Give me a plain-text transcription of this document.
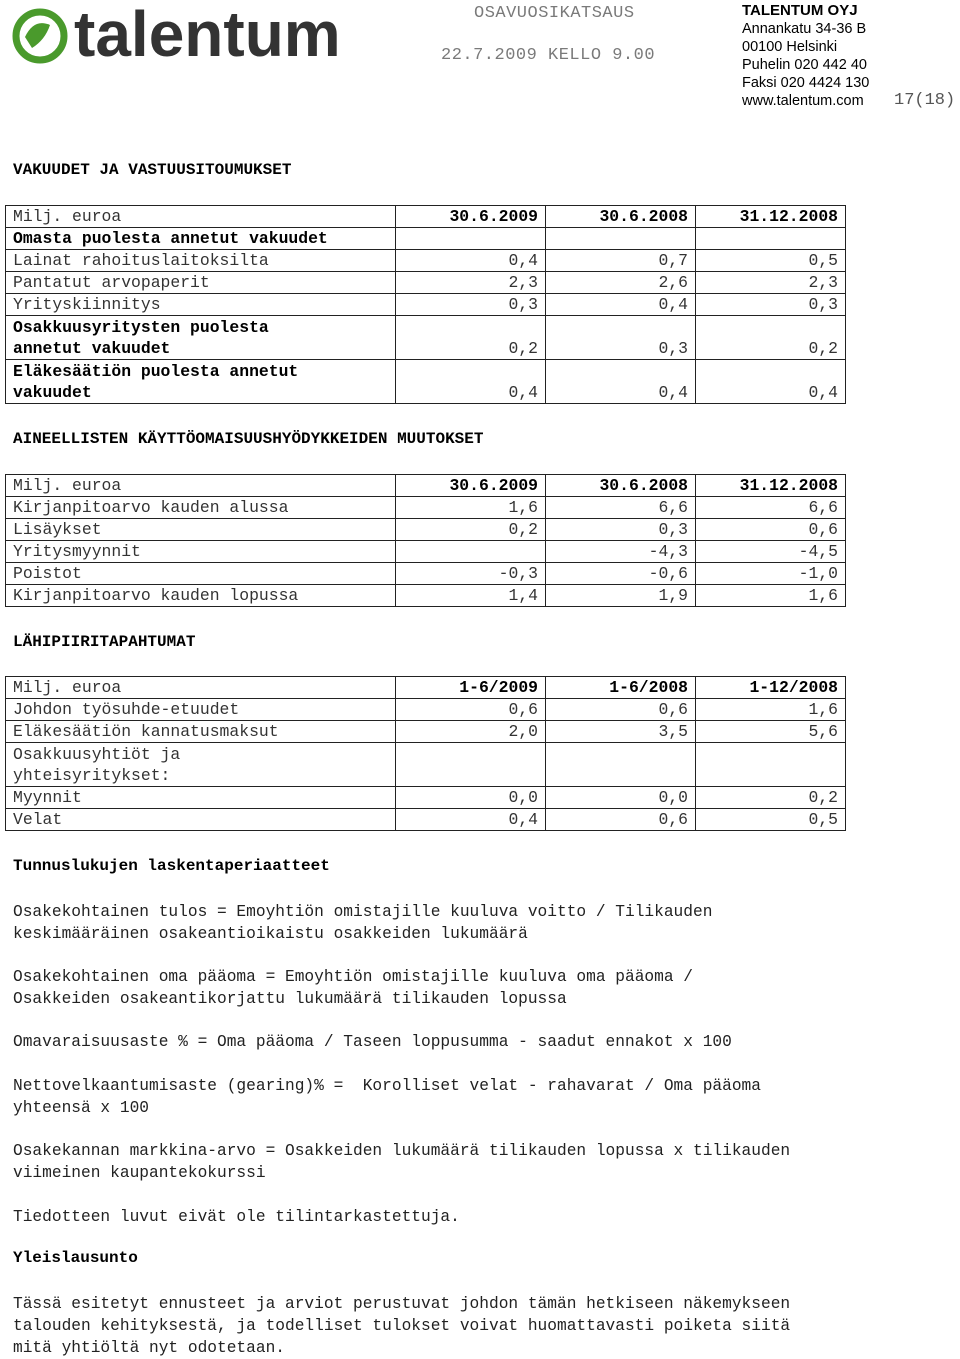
talentum	OSAVUOSIKATSAUS
22.7.2009 KELLO 9.00
TALENTUM OYJ
Annankatu 34-36 B
00100 Helsinki
Puhelin 020 442 40
Faksi 020 4424 130
www.talentum.com	17(18)
VAKUUDET JA VASTUUSITOUMUKSET
Milj. euroa	30.6.2009	30.6.2008	31.12.2008
Omasta puolesta annetut vakuudet			
Lainat rahoituslaitoksilta	0,4	0,7	0,5
Pantatut arvopaperit	2,3	2,6	2,3
Yrityskiinnitys	0,3	0,4	0,3
Osakkuusyritysten puolesta
annetut vakuudet	0,2	0,3	0,2
Eläkesäätiön puolesta annetut
vakuudet	0,4	0,4	0,4
AINEELLISTEN KÄYTTÖOMAISUUSHYÖDYKKEIDEN MUUTOKSET
Milj. euroa	30.6.2009	30.6.2008	31.12.2008
Kirjanpitoarvo kauden alussa	1,6	6,6	6,6
Lisäykset	0,2	0,3	0,6
Yritysmyynnit		-4,3	-4,5
Poistot	-0,3	-0,6	-1,0
Kirjanpitoarvo kauden lopussa	1,4	1,9	1,6
LÄHIPIIRITAPAHTUMAT
Milj. euroa	1-6/2009	1-6/2008	1-12/2008
Johdon työsuhde-etuudet	0,6	0,6	1,6
Eläkesäätiön kannatusmaksut	2,0	3,5	5,6
Osakkuusyhtiöt ja
yhteisyritykset:			
Myynnit	0,0	0,0	0,2
Velat	0,4	0,6	0,5
Tunnuslukujen laskentaperiaatteet

Osakekohtainen tulos = Emoyhtiön omistajille kuuluva voitto / Tilikauden
keskimääräinen osakeantioikaistu osakkeiden lukumäärä

Osakekohtainen oma pääoma = Emoyhtiön omistajille kuuluva oma pääoma /
Osakkeiden osakeantikorjattu lukumäärä tilikauden lopussa

Omavaraisuusaste % = Oma pääoma / Taseen loppusumma - saadut ennakot x 100

Nettovelkaantumisaste (gearing)% =  Korolliset velat - rahavarat / Oma pääoma
yhteensä x 100

Osakekannan markkina-arvo = Osakkeiden lukumäärä tilikauden lopussa x tilikauden
viimeinen kaupantekokurssi

Tiedotteen luvut eivät ole tilintarkastettuja.

Yleislausunto

Tässä esitetyt ennusteet ja arviot perustuvat johdon tämän hetkiseen näkemykseen
talouden kehityksestä, ja todelliset tulokset voivat huomattavasti poiketa siitä
mitä yhtiöltä nyt odotetaan.
